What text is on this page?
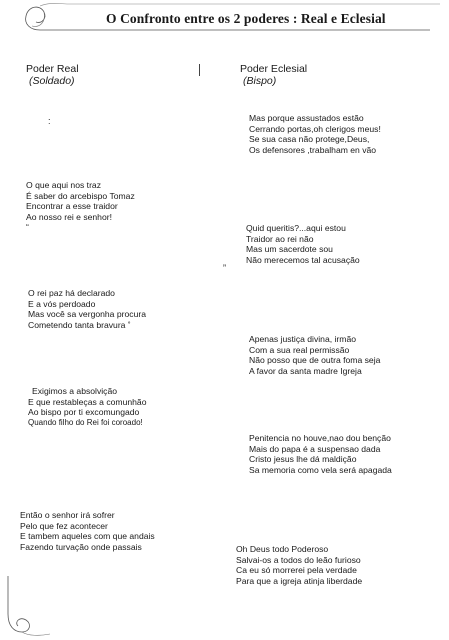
O Confronto entre os 2 poderes : Real e Eclesial
Poder Real
(Soldado)
Poder Eclesial
(Bispo)
:
”
O que aqui nos traz
É saber do arcebispo Tomaz
Encontrar a esse traidor
Ao nosso rei e senhor!
“
O rei paz há declarado
E a vós perdoado
Mas você sa vergonha procura
Cometendo tanta bravura ˚
Exigimos a absolvição
E que restableças a comunhão
Ao bispo por ti excomungado
Quando filho do Rei foi coroado!
Então o senhor irá sofrer
Pelo que fez acontecer
E tambem aqueles com que andais
Fazendo turvação onde passais
Mas porque assustados estão
Cerrando portas,oh clerigos meus!
Se sua casa não protege,Deus,
Os defensores ,trabalham en vão
Quid queritis?...aqui estou
Traidor ao rei não
Mas um sacerdote sou
Não merecemos tal acusação
Apenas justiça divina, irmão
Com a sua real permissão
Não posso que de outra foma seja
A favor da santa madre Igreja
Penitencia no houve,nao dou benção
Mais do papa é a suspensao dada
Cristo jesus lhe dá maldição
Sa memoria como vela será apagada
Oh Deus todo Poderoso
Salvai-os a todos do leão furioso
Ca eu só morrerei pela verdade
Para que a igreja atinja liberdade
